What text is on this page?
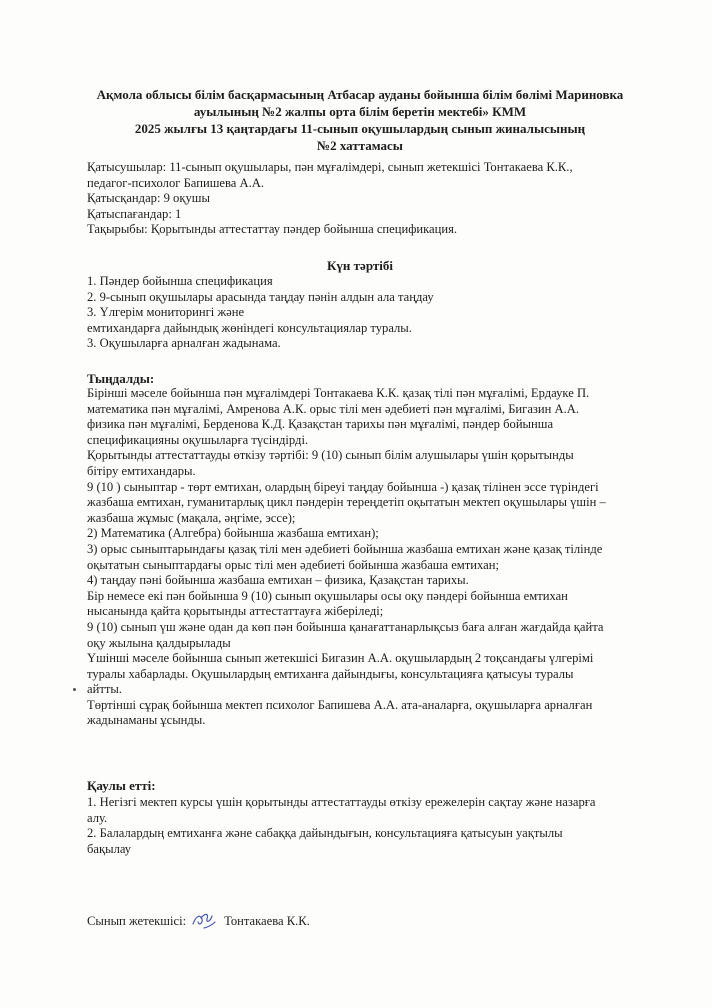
Ақмола облысы білім басқармасының Атбасар ауданы бойынша білім бөлімі Мариновка
ауылының №2 жалпы орта білім беретін мектебі» КММ
2025 жылғы 13 қаңтардағы 11-сынып оқушылардың сынып жиналысының
№2 хаттамасы

Қатысушылар: 11-сынып оқушылары, пән мұғалімдері, сынып жетекшісі Тонтакаева К.К.,

педагог-психолог Бапишева А.А.

Қатысқандар: 9 оқушы

Қатыспағандар: 1

Тақырыбы: Қорытынды аттестаттау пәндер бойынша спецификация.

Күн тәртібі

1. Пәндер бойынша спецификация

2. 9-сынып оқушылары арасында таңдау пәнін алдын ала таңдау

3. Үлгерім мониторингі және

емтихандарға дайындық жөніндегі консультациялар туралы.

3. Оқушыларға арналған жадынама.

Тыңдалды:

Бірінші мәселе бойынша пән мұғалімдері Тонтакаева К.К. қазақ тілі пән мұғалімі, Ердауке П.

математика пән мұғалімі, Амренова А.К. орыс тілі мен әдебиеті пән мұғалімі, Бигазин А.А.

физика пән мұғалімі, Берденова К.Д. Қазақстан тарихы пән мұғалімі, пәндер бойынша

спецификацияны оқушыларға түсіндірді.

Қорытынды аттестаттауды өткізу тәртібі: 9 (10) сынып білім алушылары үшін қорытынды

бітіру емтихандары.

9 (10 ) сыныптар - төрт емтихан, олардың біреуі таңдау бойынша -) қазақ тілінен эссе түріндегі

жазбаша емтихан, гуманитарлық цикл пәндерін тереңдетіп оқытатын мектеп оқушылары үшін –

жазбаша жұмыс (мақала, әңгіме, эссе);

2) Математика (Алгебра) бойынша жазбаша емтихан);

3) орыс сыныптарындағы қазақ тілі мен әдебиеті бойынша жазбаша емтихан және қазақ тілінде

оқытатын сыныптардағы орыс тілі мен әдебиеті бойынша жазбаша емтихан;

4) таңдау пәні бойынша жазбаша емтихан – физика, Қазақстан тарихы.

Бір немесе екі пән бойынша 9 (10) сынып оқушылары осы оқу пәндері бойынша емтихан

нысанында қайта қорытынды аттестаттауға жіберіледі;

9 (10) сынып үш және одан да көп пән бойынша қанағаттанарлықсыз баға алған жағдайда қайта

оқу жылына қалдырылады

Үшінші мәселе бойынша сынып жетекшісі Бигазин А.А. оқушылардың 2 тоқсандағы үлгерімі

туралы хабарлады. Оқушылардың емтиханға дайындығы, консультацияға қатысуы туралы

айтты.

Төртінші сұрақ бойынша мектеп психолог Бапишева А.А. ата-аналарға, оқушыларға арналған

жадынаманы ұсынды.

Қаулы етті:

1. Негізгі мектеп курсы үшін қорытынды аттестаттауды өткізу ережелерін сақтау және назарға

алу.

2. Балалардың емтиханға және сабаққа дайындығын, консультацияға қатысуын уақтылы

бақылау

Сынып жетекшісі:	Тонтакаева К.К.
